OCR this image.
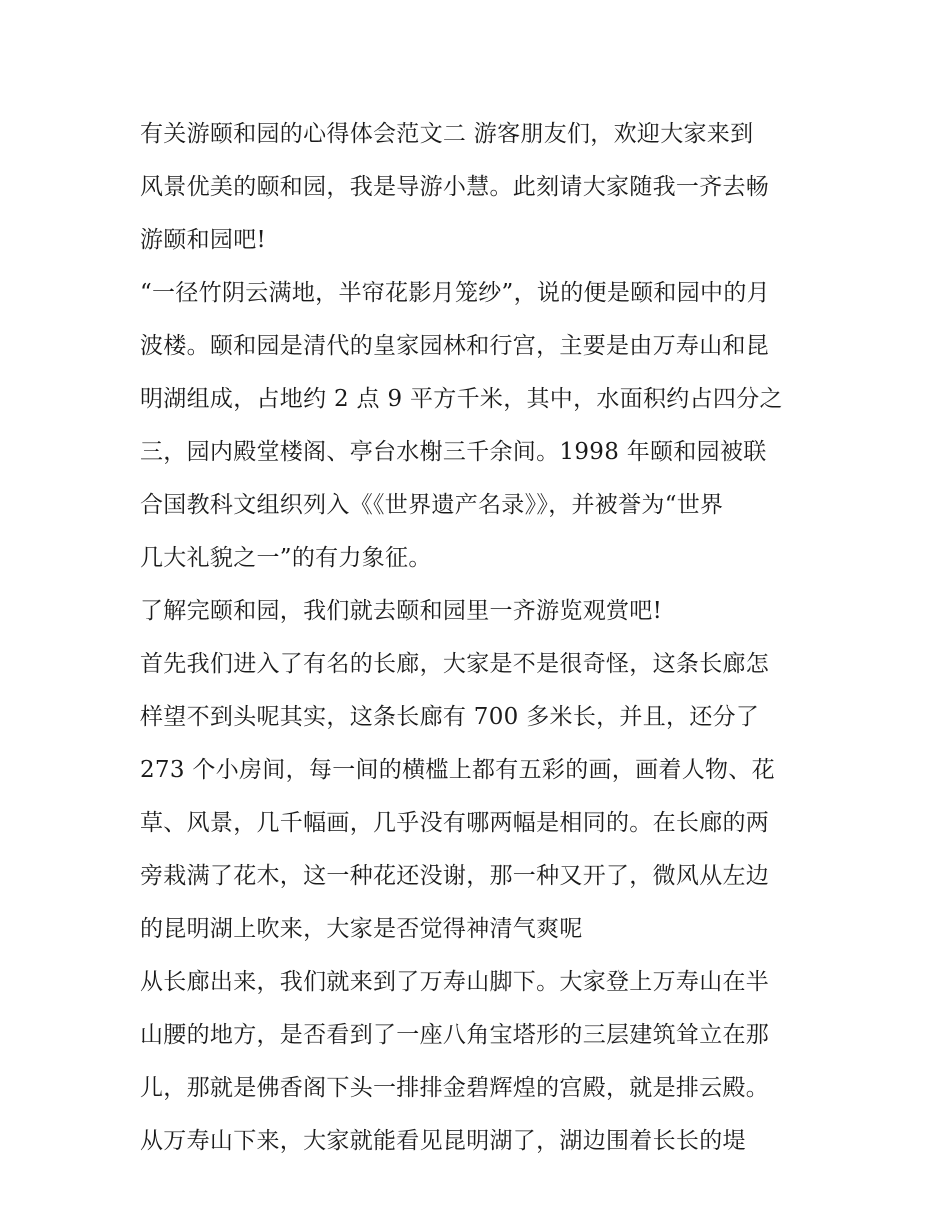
有关游颐和园的心得体会范文二 游客朋友们，欢迎大家来到
风景优美的颐和园，我是导游小慧。此刻请大家随我一齐去畅
游颐和园吧!
“一径竹阴云满地，半帘花影月笼纱”，说的便是颐和园中的月
波楼。颐和园是清代的皇家园林和行宫，主要是由万寿山和昆
明湖组成，占地约 2 点 9 平方千米，其中，水面积约占四分之
三，园内殿堂楼阁、亭台水榭三千余间。1998 年颐和园被联
合国教科文组织列入《《世界遗产名录》》，并被誉为“世界
几大礼貌之一”的有力象征。
了解完颐和园，我们就去颐和园里一齐游览观赏吧!
首先我们进入了有名的长廊，大家是不是很奇怪，这条长廊怎
样望不到头呢其实，这条长廊有 700 多米长，并且，还分了
273 个小房间，每一间的横槛上都有五彩的画，画着人物、花
草、风景，几千幅画，几乎没有哪两幅是相同的。在长廊的两
旁栽满了花木，这一种花还没谢，那一种又开了，微风从左边
的昆明湖上吹来，大家是否觉得神清气爽呢
从长廊出来，我们就来到了万寿山脚下。大家登上万寿山在半
山腰的地方，是否看到了一座八角宝塔形的三层建筑耸立在那
儿，那就是佛香阁下头一排排金碧辉煌的宫殿，就是排云殿。
从万寿山下来，大家就能看见昆明湖了，湖边围着长长的堤
